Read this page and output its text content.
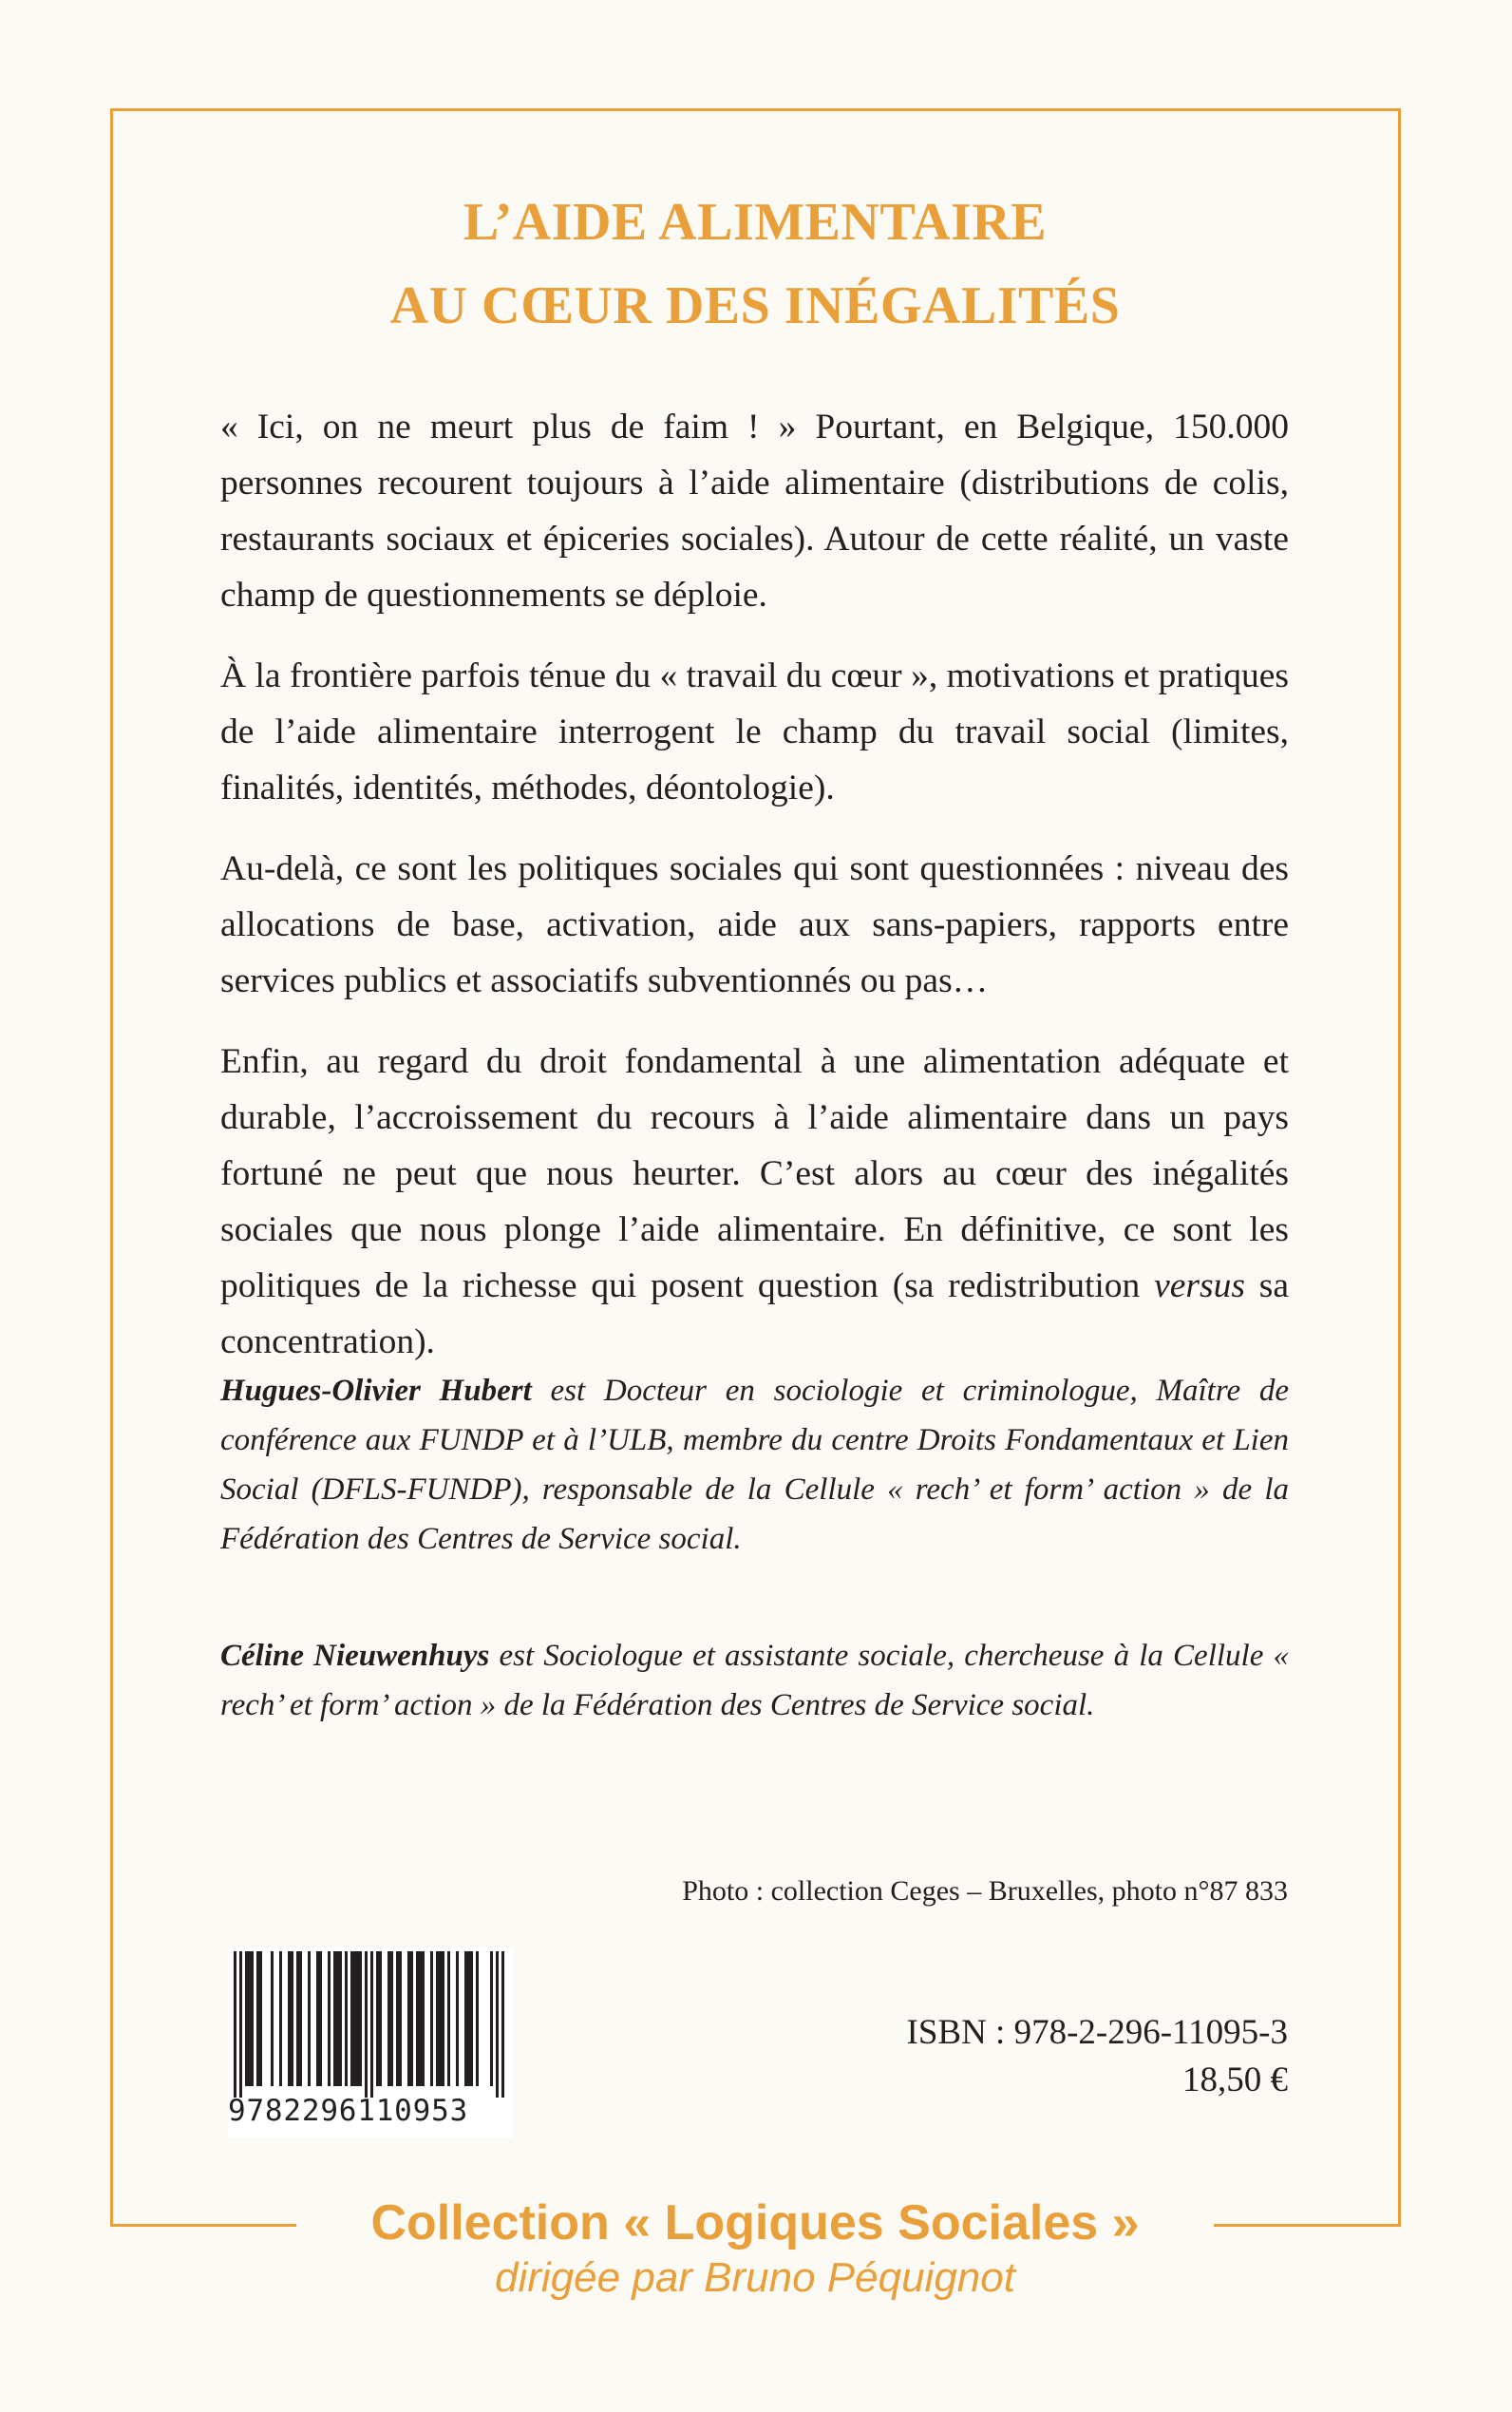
L’AIDE ALIMENTAIRE
AU CŒUR DES INÉGALITÉS

« Ici, on ne meurt plus de faim ! » Pourtant, en Belgique, 150.000 personnes recourent toujours à l’aide alimentaire (distributions de colis, restaurants sociaux et épiceries sociales). Autour de cette réalité, un vaste champ de questionnements se déploie.

À la frontière parfois ténue du « travail du cœur », motivations et pratiques de l’aide alimentaire interrogent le champ du travail social (limites, finalités, identités, méthodes, déontologie).

Au-delà, ce sont les politiques sociales qui sont questionnées : niveau des allocations de base, activation, aide aux sans-papiers, rapports entre services publics et associatifs subventionnés ou pas…

Enfin, au regard du droit fondamental à une alimentation adéquate et durable, l’accroissement du recours à l’aide alimentaire dans un pays fortuné ne peut que nous heurter. C’est alors au cœur des inégalités sociales que nous plonge l’aide alimentaire. En définitive, ce sont les politiques de la richesse qui posent question (sa redistribution versus sa concentration).

Hugues-Olivier Hubert est Docteur en sociologie et criminologue, Maître de conférence aux FUNDP et à l’ULB, membre du centre Droits Fondamentaux et Lien Social (DFLS-FUNDP), responsable de la Cellule « rech’ et form’ action » de la Fédération des Centres de Service social.
Céline Nieuwenhuys est Sociologue et assistante sociale, chercheuse à la Cellule « rech’ et form’ action » de la Fédération des Centres de Service social.
Photo : collection Ceges – Bruxelles, photo n°87 833
9782296110953
ISBN : 978-2-296-11095-3
18,50 €
Collection « Logiques Sociales »
dirigée par Bruno Péquignot
